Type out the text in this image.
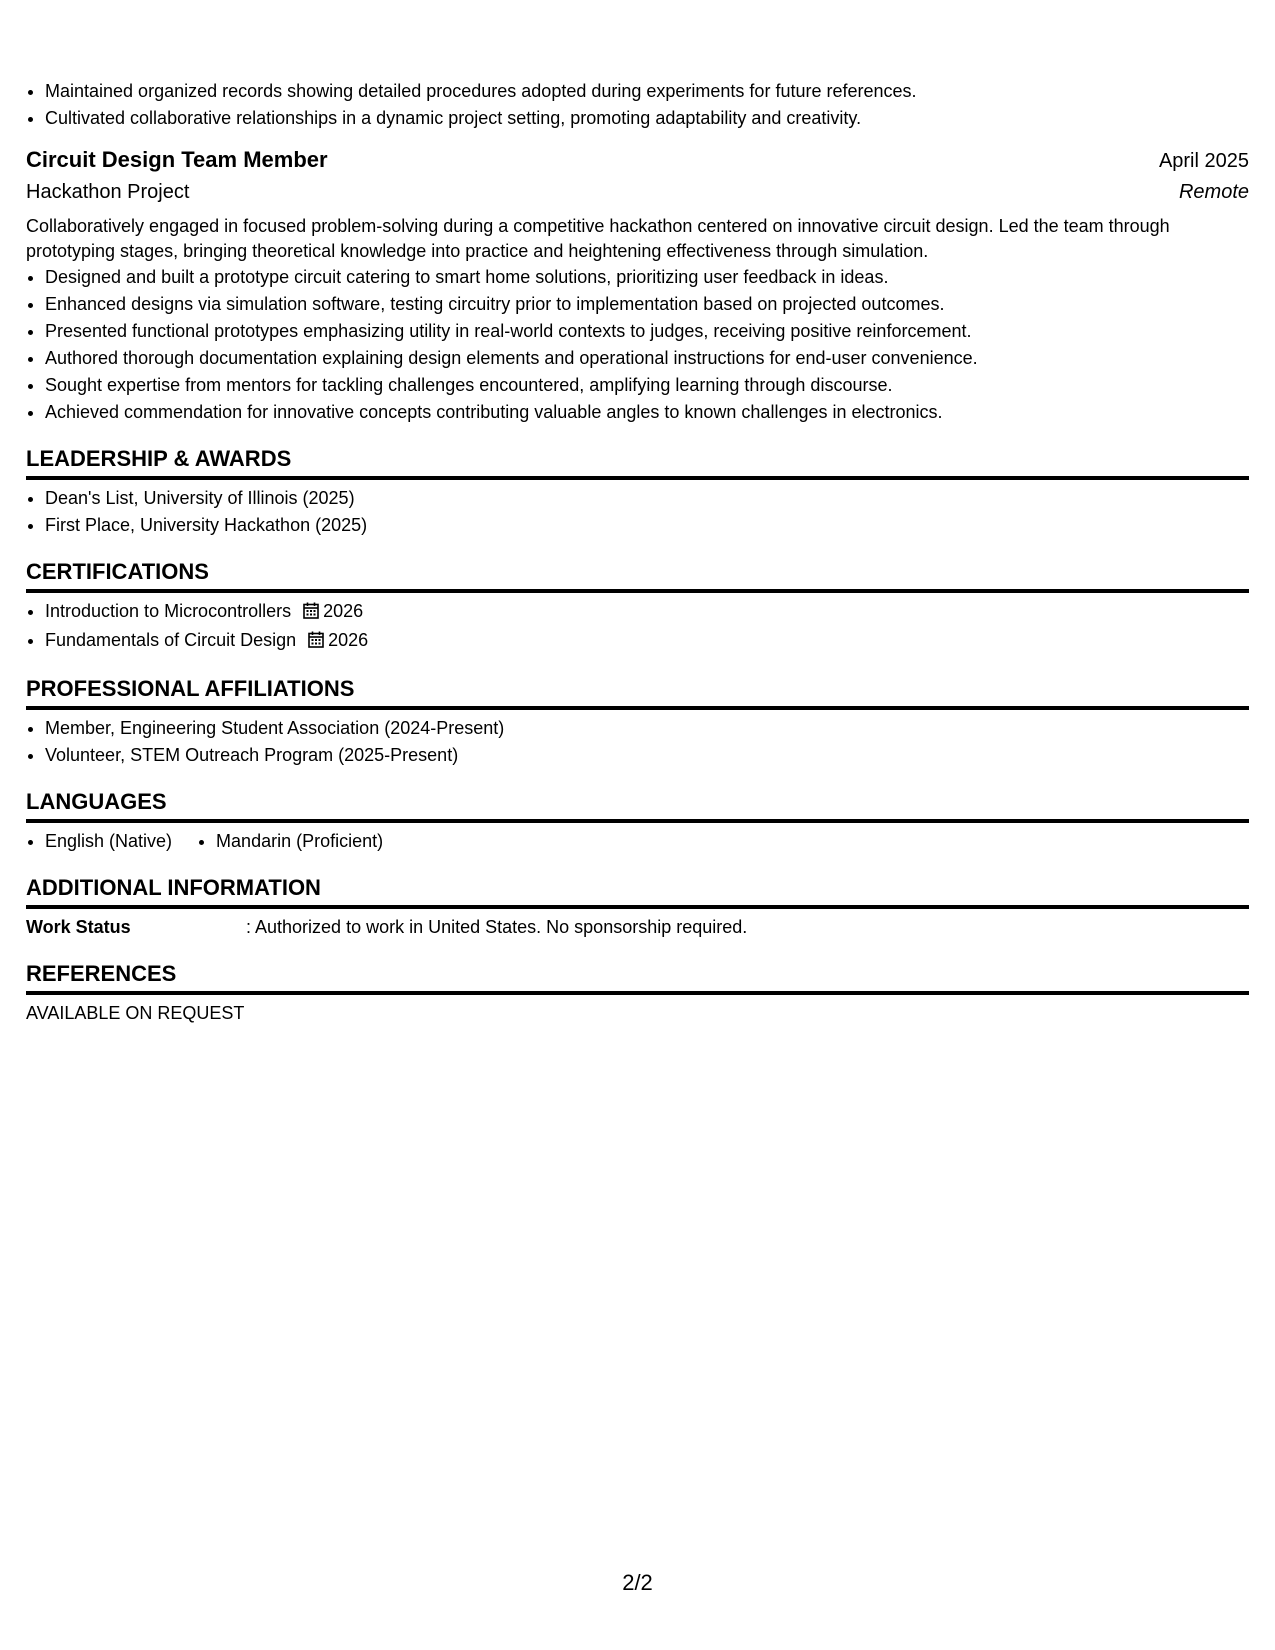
• Maintained organized records showing detailed procedures adopted during experiments for future references.
• Cultivated collaborative relationships in a dynamic project setting, promoting adaptability and creativity.
Circuit Design Team Member	April 2025
Hackathon Project	Remote

Collaboratively engaged in focused problem-solving during a competitive hackathon centered on innovative circuit design. Led the team through prototyping stages, bringing theoretical knowledge into practice and heightening effectiveness through simulation.

• Designed and built a prototype circuit catering to smart home solutions, prioritizing user feedback in ideas.
• Enhanced designs via simulation software, testing circuitry prior to implementation based on projected outcomes.
• Presented functional prototypes emphasizing utility in real-world contexts to judges, receiving positive reinforcement.
• Authored thorough documentation explaining design elements and operational instructions for end-user convenience.
• Sought expertise from mentors for tackling challenges encountered, amplifying learning through discourse.
• Achieved commendation for innovative concepts contributing valuable angles to known challenges in electronics.
LEADERSHIP & AWARDS
• Dean's List, University of Illinois (2025)
• First Place, University Hackathon (2025)
CERTIFICATIONS
• Introduction to Microcontrollers 2026
• Fundamentals of Circuit Design 2026
PROFESSIONAL AFFILIATIONS
• Member, Engineering Student Association (2024-Present)
• Volunteer, STEM Outreach Program (2025-Present)
LANGUAGES
• English (Native)
• Mandarin (Proficient)
ADDITIONAL INFORMATION
Work Status	: Authorized to work in United States. No sponsorship required.
REFERENCES
AVAILABLE ON REQUEST
2/2
